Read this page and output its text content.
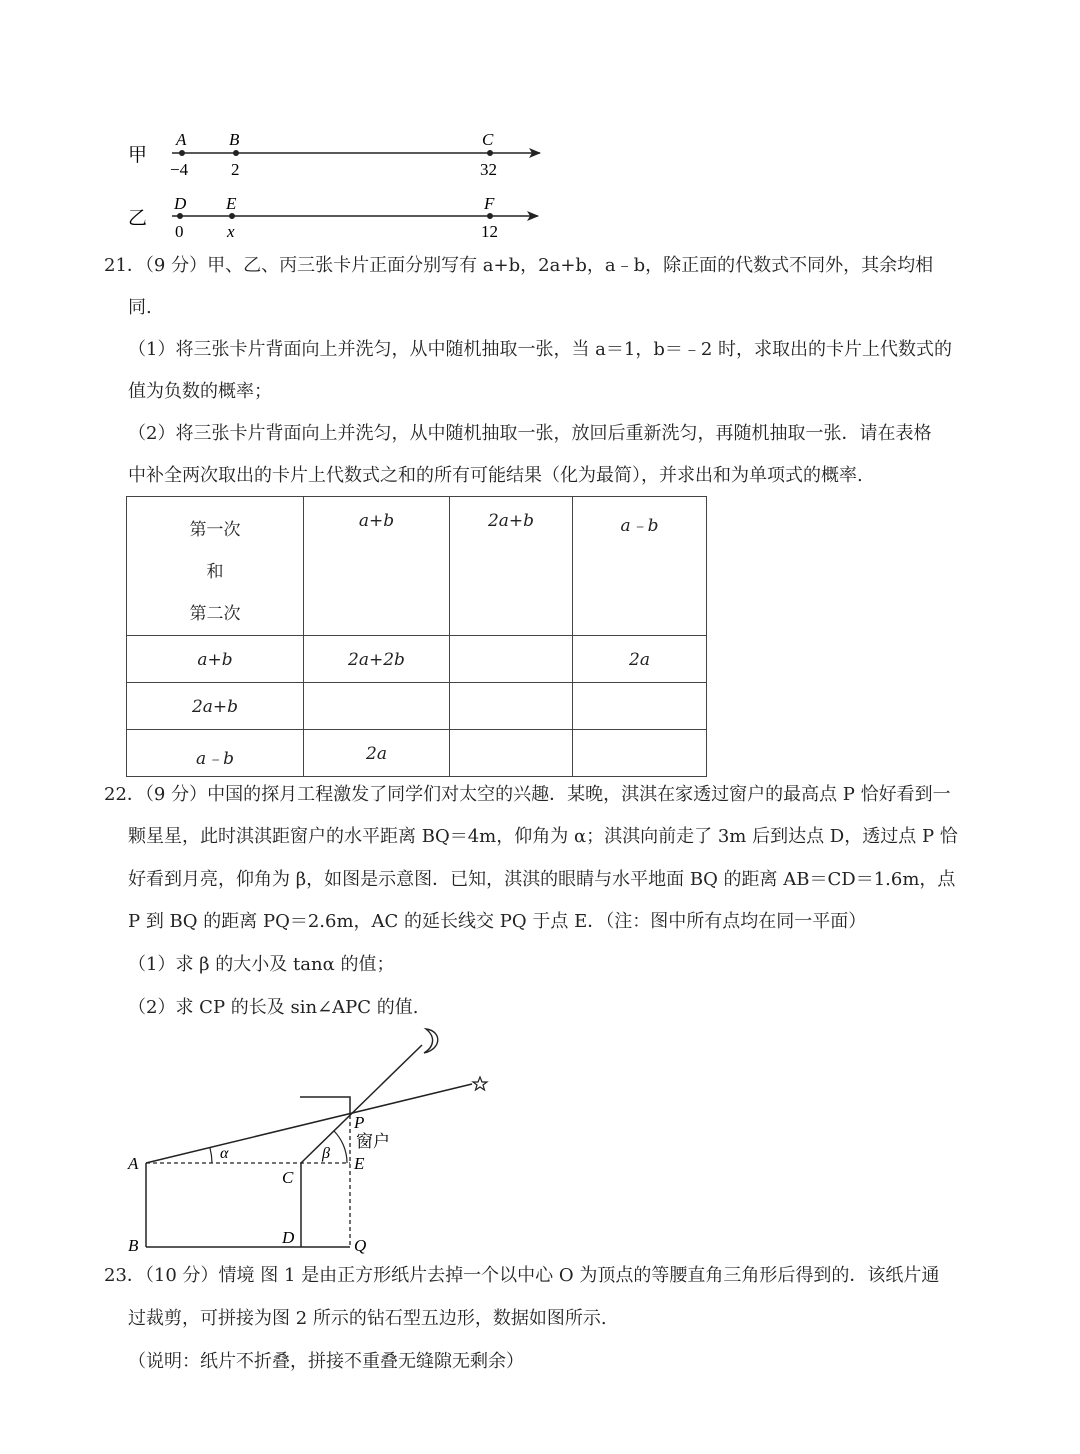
甲
A	B	C
−4	2	32
乙
D E	F
0	x	12
21．（9 分）甲、乙、丙三张卡片正面分别写有 a+b，2a+b，a﹣b，除正面的代数式不同外，其余均相
同.
（1）将三张卡片背面向上并洗匀，从中随机抽取一张，当 a＝1，b＝﹣2 时，求取出的卡片上代数式的
值为负数的概率；
（2）将三张卡片背面向上并洗匀，从中随机抽取一张，放回后重新洗匀，再随机抽取一张．请在表格
中补全两次取出的卡片上代数式之和的所有可能结果（化为最简），并求出和为单项式的概率.
第一次
和
第二次	a+b	2a+b	a﹣b

a+b	2a+2b		2a

2a+b			

a﹣b	2a		

22．（9 分）中国的探月工程激发了同学们对太空的兴趣．某晚，淇淇在家透过窗户的最高点 P 恰好看到一
颗星星，此时淇淇距窗户的水平距离 BQ＝4m，仰角为 α；淇淇向前走了 3m 后到达点 D，透过点 P 恰
好看到月亮，仰角为 β，如图是示意图．已知，淇淇的眼睛与水平地面 BQ 的距离 AB＝CD＝1.6m，点
P 到 BQ 的距离 PQ＝2.6m，AC 的延长线交 PQ 于点 E．（注：图中所有点均在同一平面）
（1）求 β 的大小及 tanα 的值；
（2）求 CP 的长及 sin∠APC 的值.
A
B
C
D
E
P
Q
α	β
窗户
23．（10 分）情境 图 1 是由正方形纸片去掉一个以中心 O 为顶点的等腰直角三角形后得到的．该纸片通
过裁剪，可拼接为图 2 所示的钻石型五边形，数据如图所示.
（说明：纸片不折叠，拼接不重叠无缝隙无剩余）
